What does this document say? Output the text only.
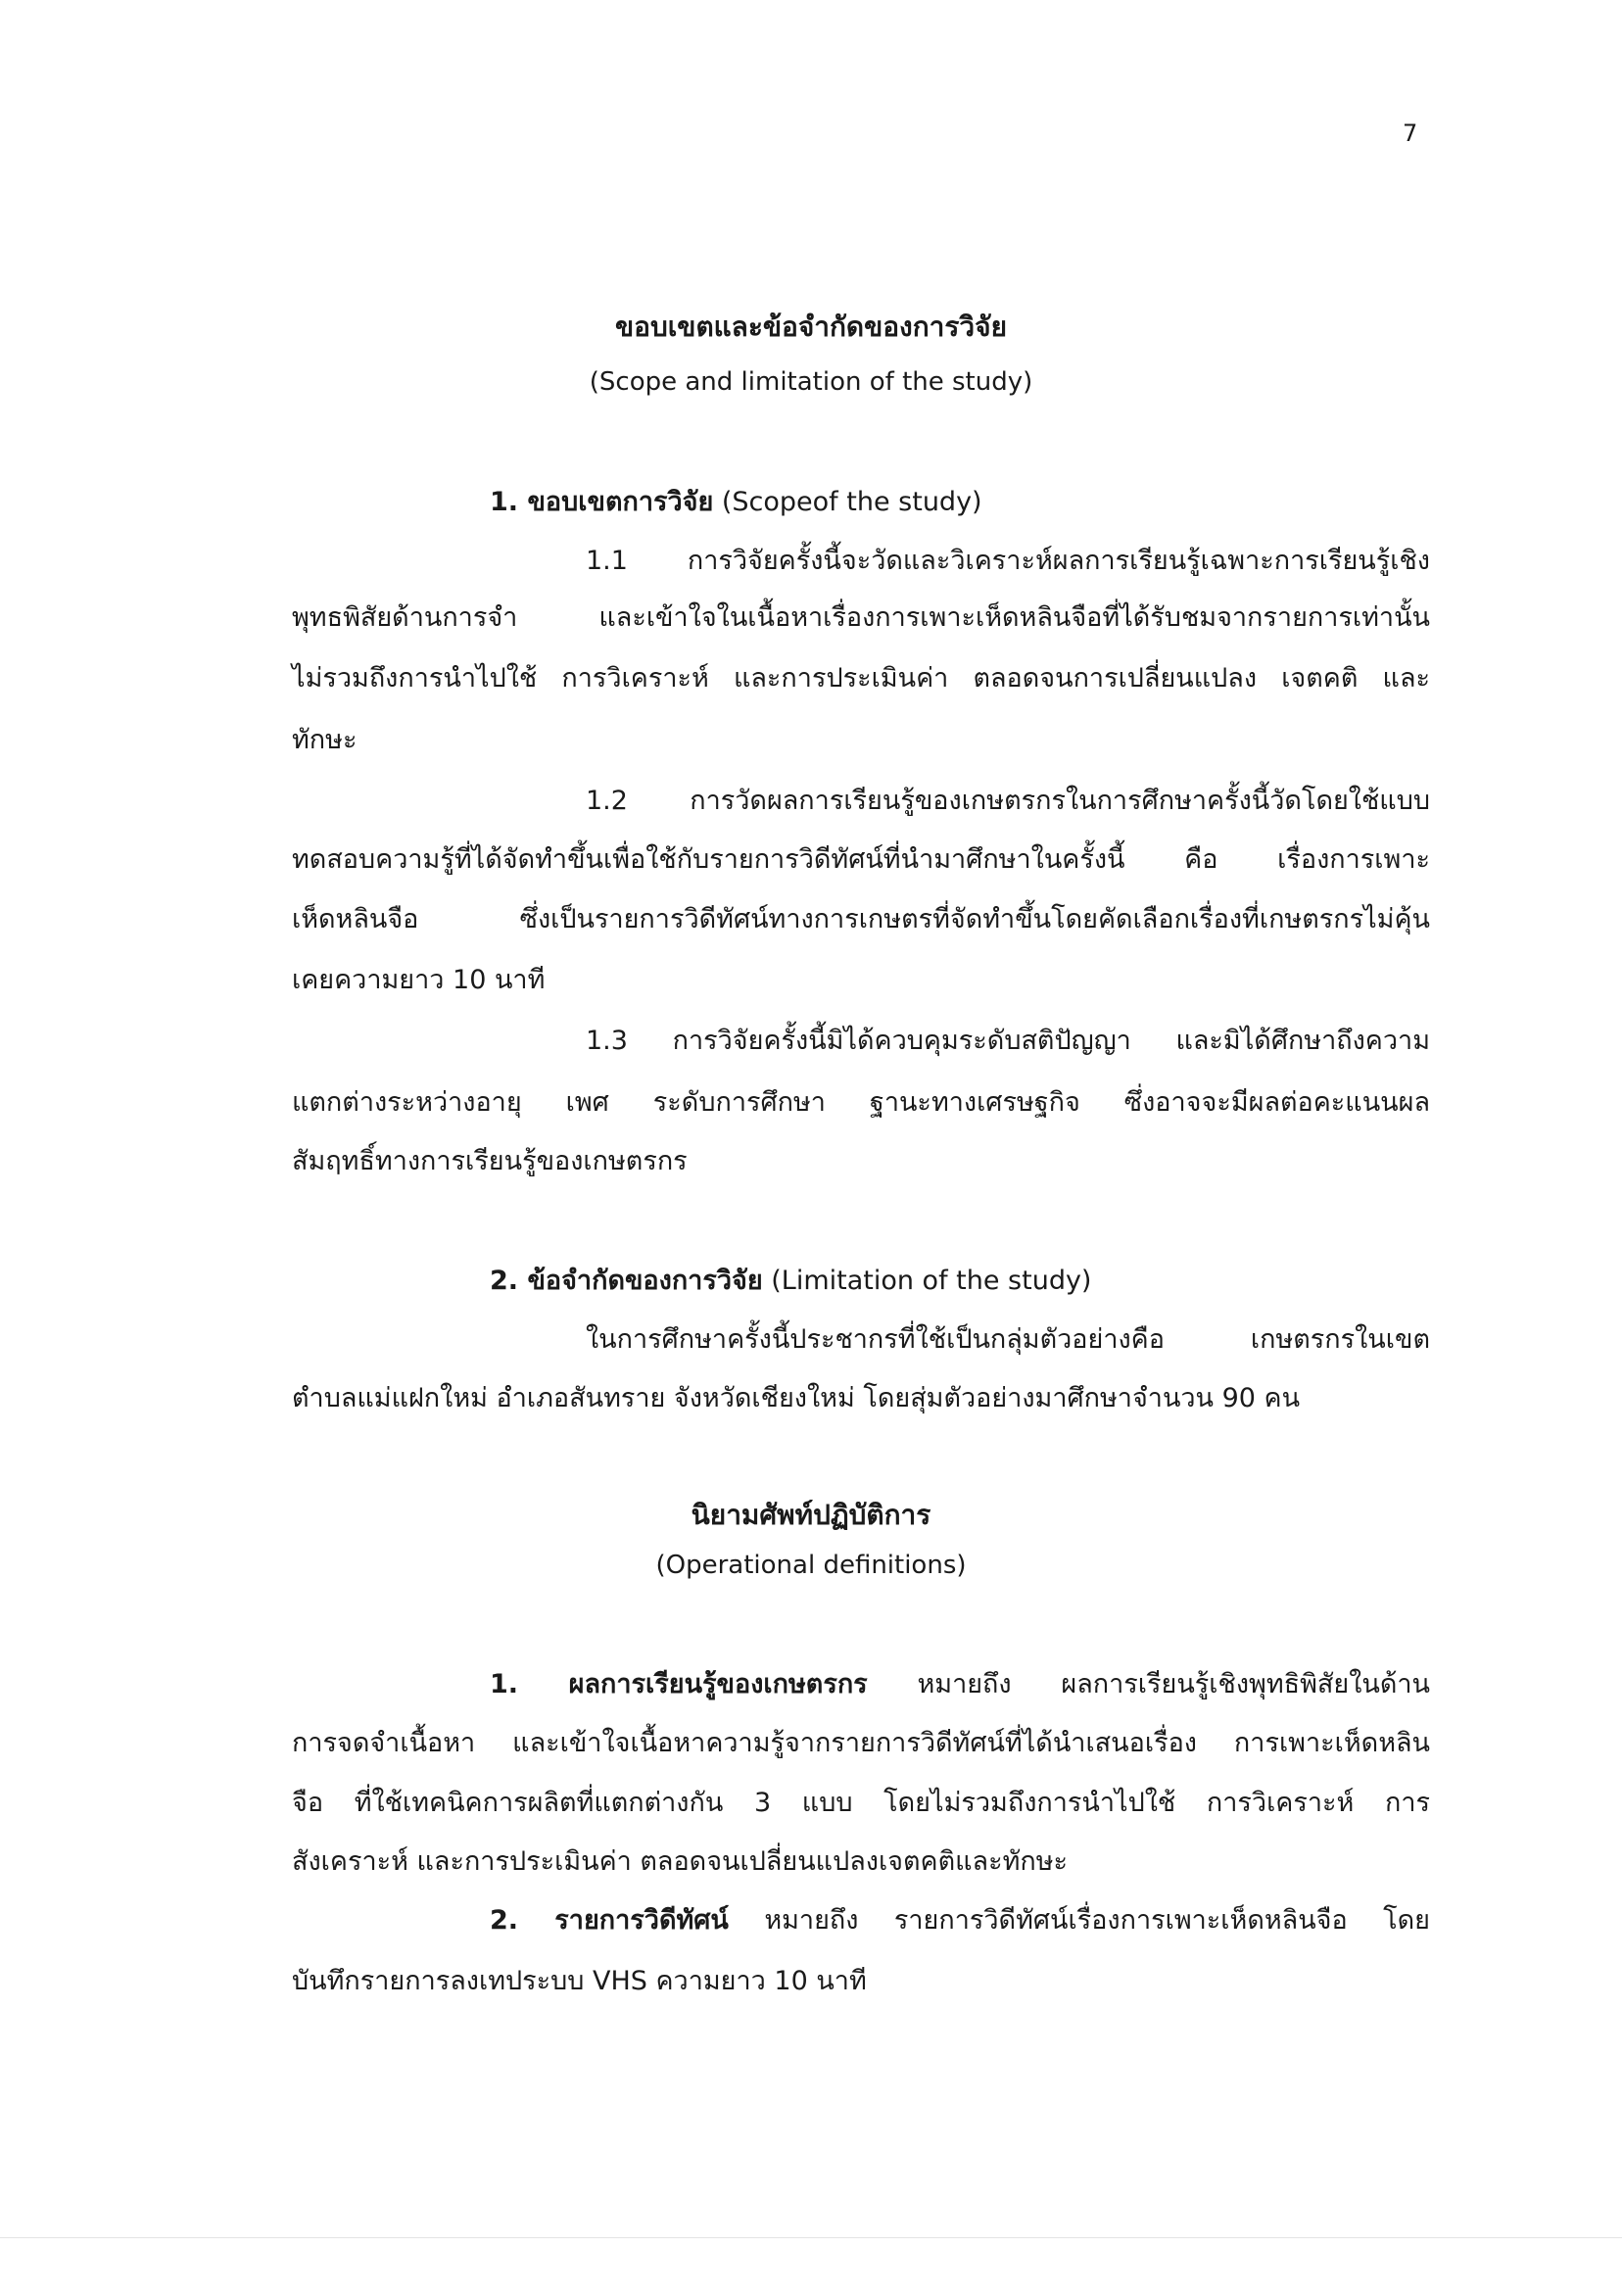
7
ขอบเขตและข้อจำกัดของการวิจัย
(Scope and limitation of the study)
1. ขอบเขตการวิจัย (Scopeof the study)
1.1 การวิจัยครั้งนี้จะวัดและวิเคราะห์ผลการเรียนรู้เฉพาะการเรียนรู้เชิง
พุทธพิสัยด้านการจำ และเข้าใจในเนื้อหาเรื่องการเพาะเห็ดหลินจือที่ได้รับชมจากรายการเท่านั้น
ไม่รวมถึงการนำไปใช้ การวิเคราะห์ และการประเมินค่า ตลอดจนการเปลี่ยนแปลง เจตคติ และ
ทักษะ
1.2 การวัดผลการเรียนรู้ของเกษตรกรในการศึกษาครั้งนี้วัดโดยใช้แบบ
ทดสอบความรู้ที่ได้จัดทำขึ้นเพื่อใช้กับรายการวิดีทัศน์ที่นำมาศึกษาในครั้งนี้ คือ เรื่องการเพาะ
เห็ดหลินจือ ซึ่งเป็นรายการวิดีทัศน์ทางการเกษตรที่จัดทำขึ้นโดยคัดเลือกเรื่องที่เกษตรกรไม่คุ้น
เคยความยาว 10 นาที
1.3 การวิจัยครั้งนี้มิได้ควบคุมระดับสติปัญญา และมิได้ศึกษาถึงความ
แตกต่างระหว่างอายุ เพศ ระดับการศึกษา ฐานะทางเศรษฐกิจ ซึ่งอาจจะมีผลต่อคะแนนผล
สัมฤทธิ์ทางการเรียนรู้ของเกษตรกร
2. ข้อจำกัดของการวิจัย (Limitation of the study)
ในการศึกษาครั้งนี้ประชากรที่ใช้เป็นกลุ่มตัวอย่างคือ เกษตรกรในเขต
ตำบลแม่แฝกใหม่ อำเภอสันทราย จังหวัดเชียงใหม่ โดยสุ่มตัวอย่างมาศึกษาจำนวน 90 คน
นิยามศัพท์ปฏิบัติการ
(Operational definitions)
1. ผลการเรียนรู้ของเกษตรกร หมายถึง ผลการเรียนรู้เชิงพุทธิพิสัยในด้าน
การจดจำเนื้อหา และเข้าใจเนื้อหาความรู้จากรายการวิดีทัศน์ที่ได้นำเสนอเรื่อง การเพาะเห็ดหลิน
จือ ที่ใช้เทคนิคการผลิตที่แตกต่างกัน 3 แบบ โดยไม่รวมถึงการนำไปใช้ การวิเคราะห์ การ
สังเคราะห์ และการประเมินค่า ตลอดจนเปลี่ยนแปลงเจตคติและทักษะ
2. รายการวิดีทัศน์ หมายถึง รายการวิดีทัศน์เรื่องการเพาะเห็ดหลินจือ โดย
บันทึกรายการลงเทประบบ VHS ความยาว 10 นาที
